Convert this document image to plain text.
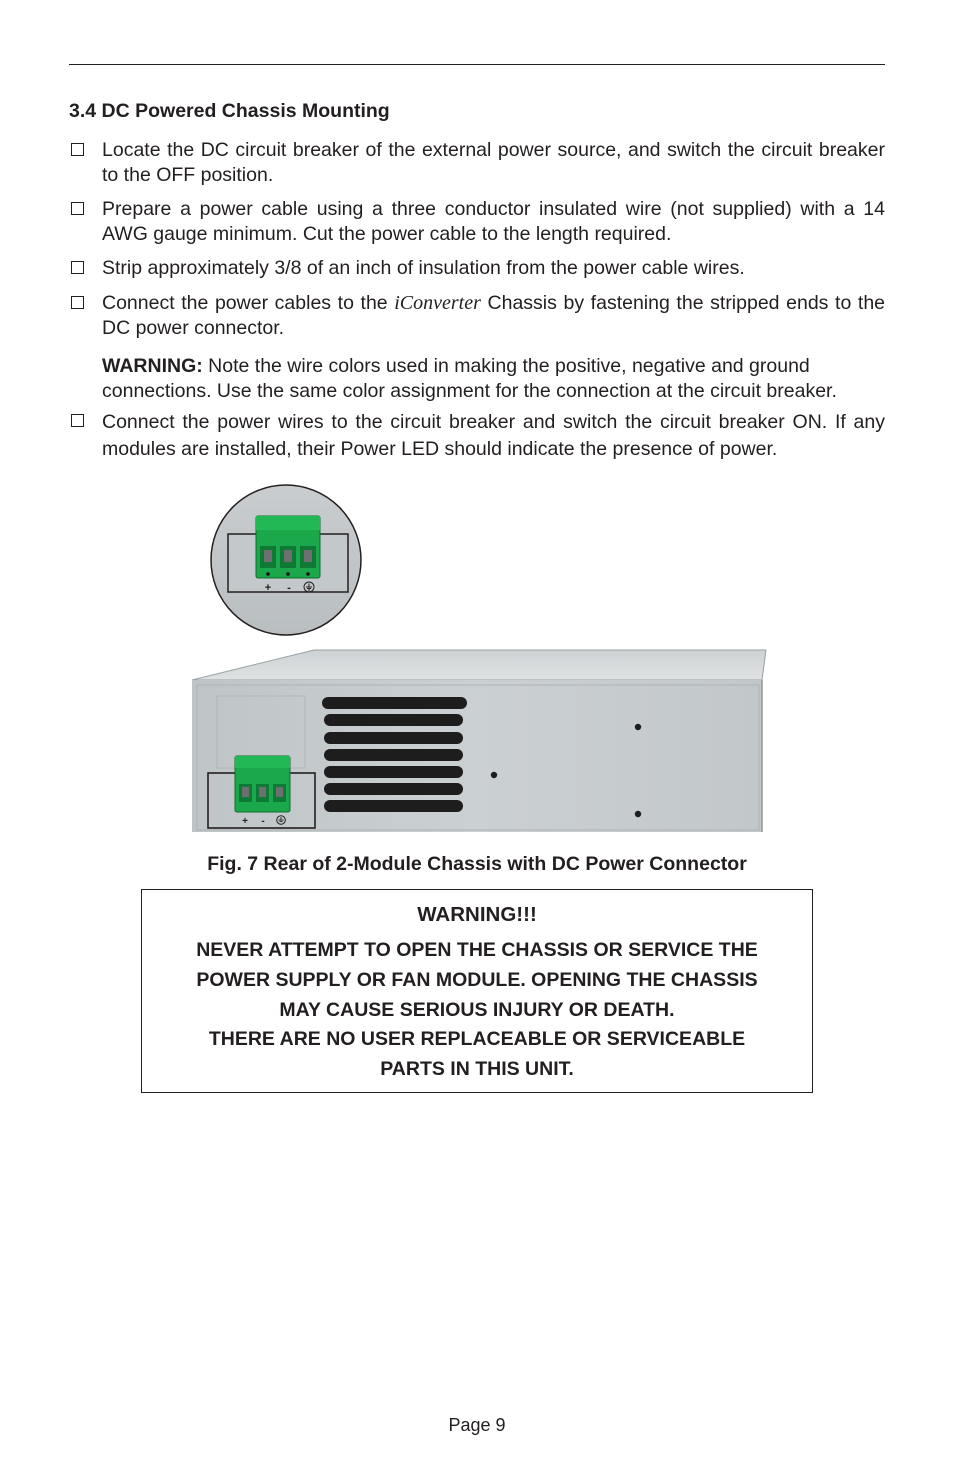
3.4 DC Powered Chassis Mounting
Locate the DC circuit breaker of the external power source, and switch the circuit breaker to the OFF position.
Prepare a power cable using a three conductor insulated wire (not supplied) with a 14 AWG gauge minimum. Cut the power cable to the length required.
Strip approximately 3/8 of an inch of insulation from the power cable wires.
Connect the power cables to the iConverter Chassis by fastening the stripped ends to the DC power connector.
WARNING: Note the wire colors used in making the positive, negative and ground connections. Use the same color assignment for the connection at the circuit breaker.
Connect the power wires to the circuit breaker and switch the circuit breaker ON. If any modules are installed, their Power LED should indicate the presence of power.
+ -
+ -
Fig. 7 Rear of 2-Module Chassis with DC Power Connector
WARNING!!!
NEVER ATTEMPT TO OPEN THE CHASSIS OR SERVICE THE
POWER SUPPLY OR FAN MODULE. OPENING THE CHASSIS
MAY CAUSE SERIOUS INJURY OR DEATH.
THERE ARE NO USER REPLACEABLE OR SERVICEABLE
PARTS IN THIS UNIT.
Page 9
